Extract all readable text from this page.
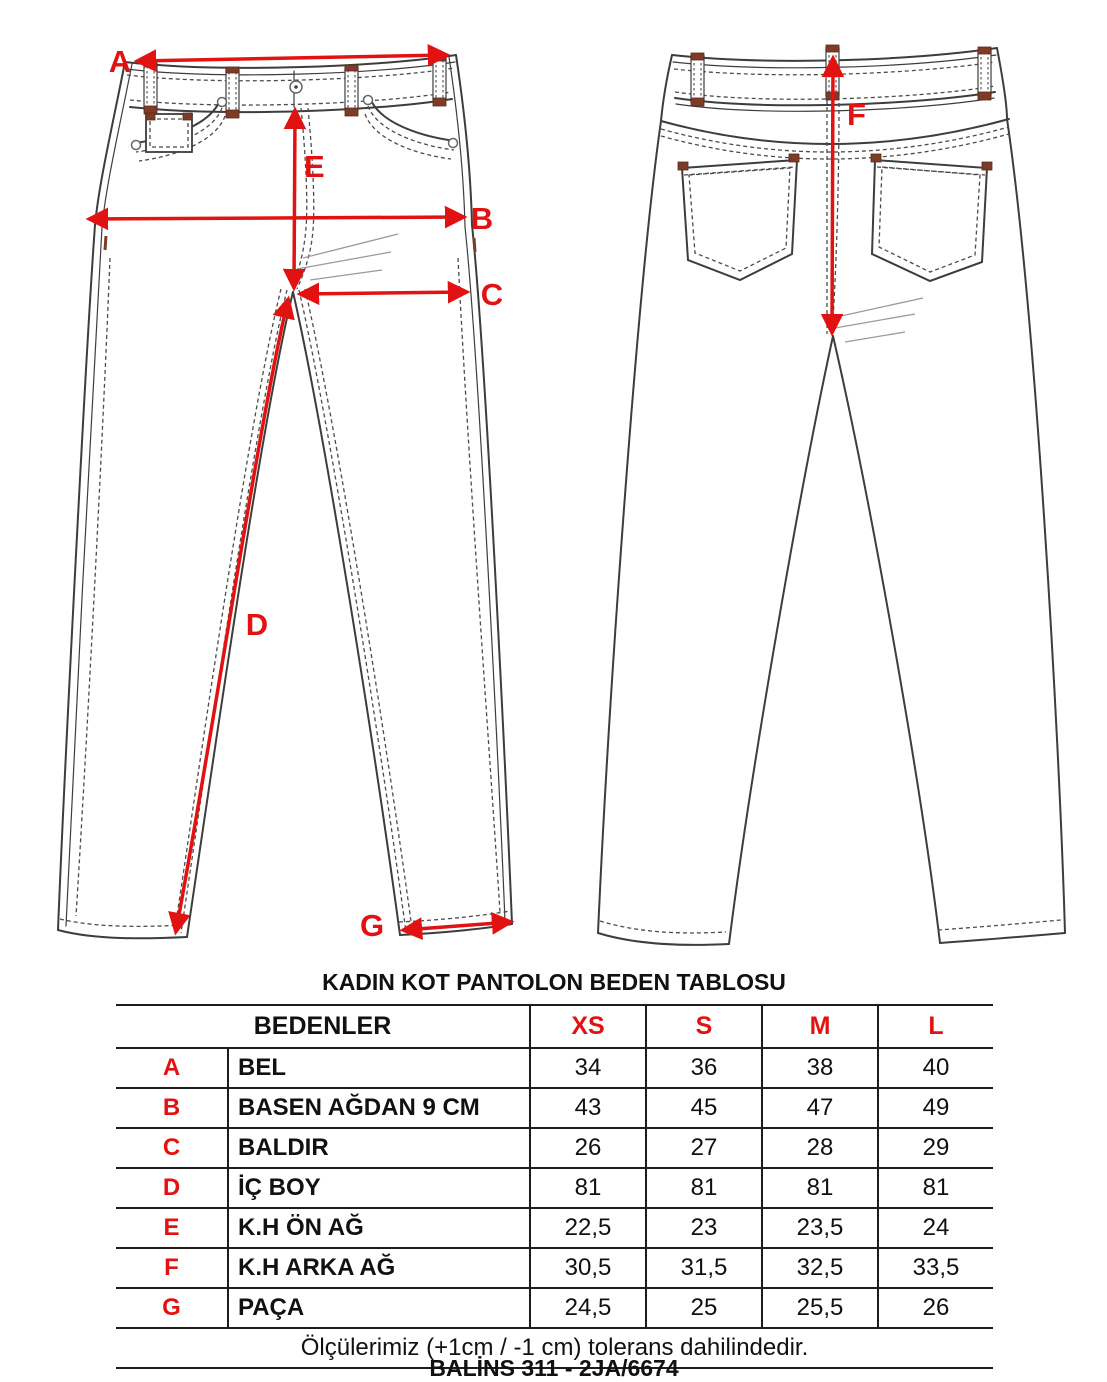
A
E
B
C
D
G
F
KADIN KOT PANTOLON BEDEN TABLOSU
BEDENLER		XS	S	M	L
A	BEL	34	36	38	40
B	BASEN AĞDAN 9 CM	43	45	47	49
C	BALDIR	26	27	28	29
D	İÇ BOY	81	81	81	81
E	K.H ÖN AĞ	22,5	23	23,5	24
F	K.H ARKA AĞ	30,5	31,5	32,5	33,5
G	PAÇA	24,5	25	25,5	26
Ölçülerimiz (+1cm / -1 cm) tolerans dahilindedir.					
BALİNS 311 - 2JA/6674
